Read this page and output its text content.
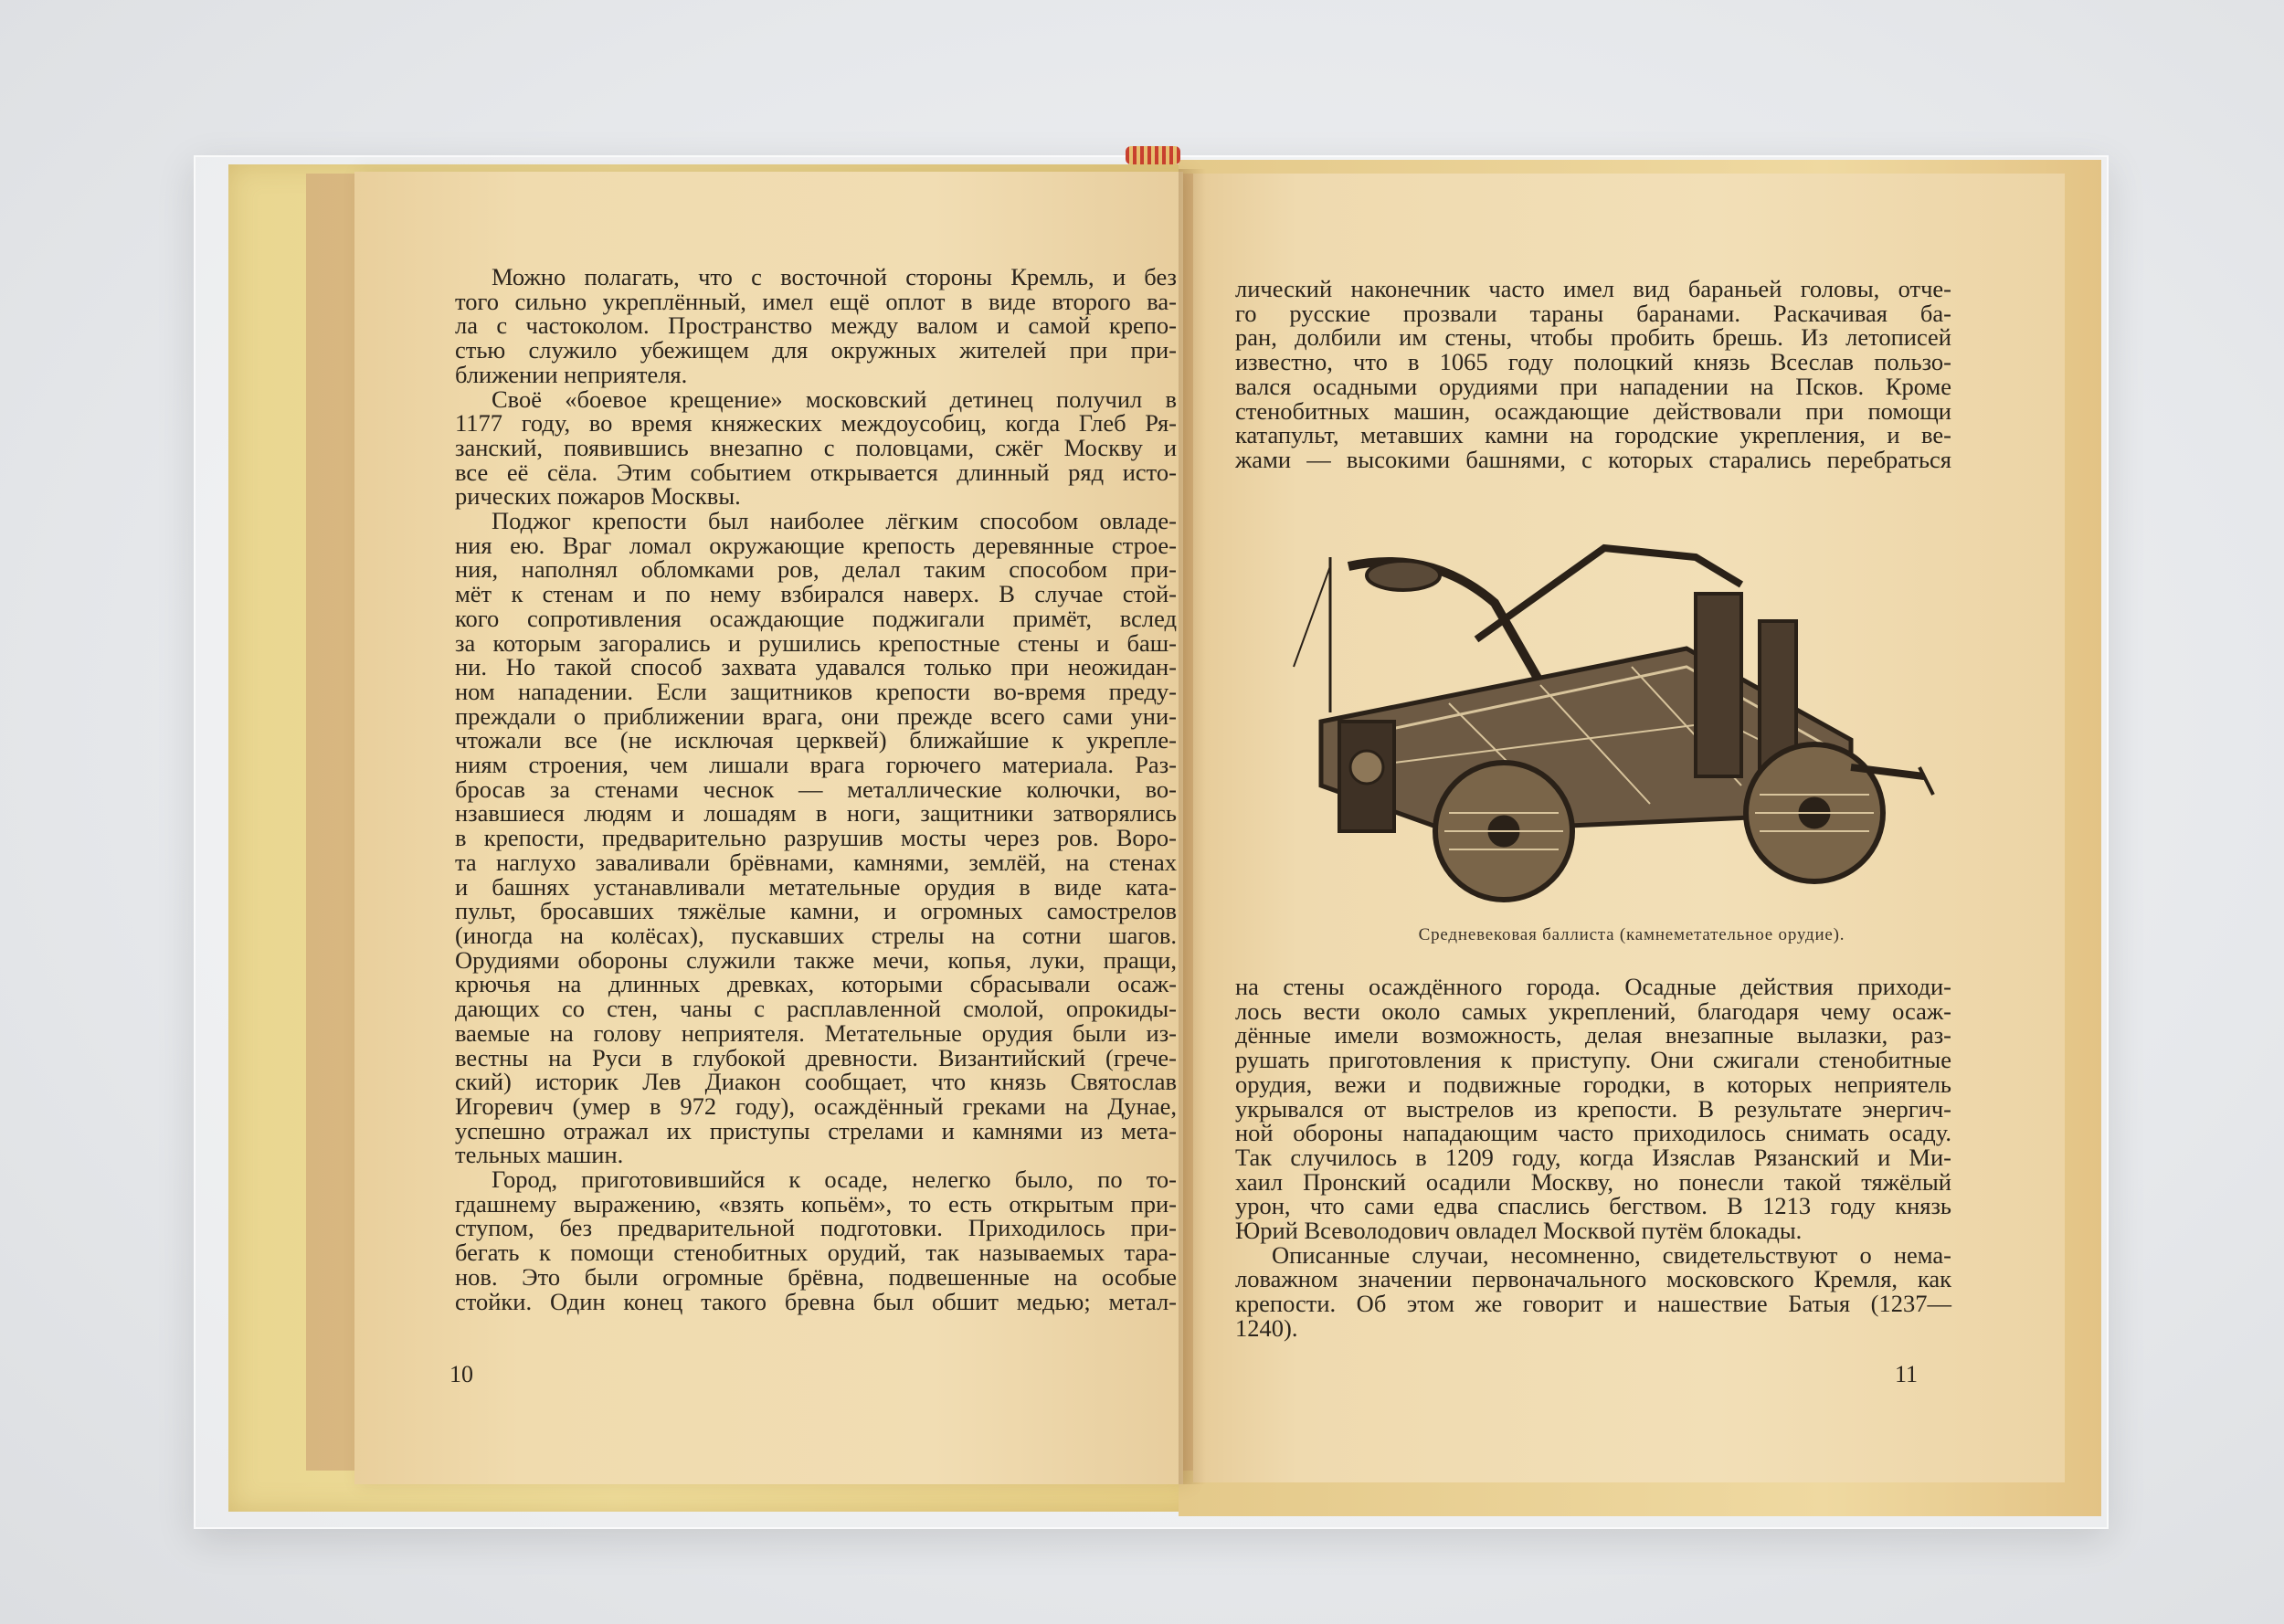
Можно полагать, что с восточной стороны Кремль, и без

того сильно укреплённый, имел ещё оплот в виде второго ва-

ла с частоколом. Пространство между валом и самой крепо-

стью служило убежищем для окружных жителей при при-

ближении неприятеля.

Своё «боевое крещение» московский детинец получил в

1177 году, во время княжеских междоусобиц, когда Глеб Ря-

занский, появившись внезапно с половцами, сжёг Москву и

все её сёла. Этим событием открывается длинный ряд исто-

рических пожаров Москвы.

Поджог крепости был наиболее лёгким способом овладе-

ния ею. Враг ломал окружающие крепость деревянные строе-

ния, наполнял обломками ров, делал таким способом при-

мёт к стенам и по нему взбирался наверх. В случае стой-

кого сопротивления осаждающие поджигали примёт, вслед

за которым загорались и рушились крепостные стены и баш-

ни. Но такой способ захвата удавался только при неожидан-

ном нападении. Если защитников крепости во-время преду-

преждали о приближении врага, они прежде всего сами уни-

чтожали все (не исключая церквей) ближайшие к укрепле-

ниям строения, чем лишали врага горючего материала. Раз-

бросав за стенами чеснок — металлические колючки, во-

нзавшиеся людям и лошадям в ноги, защитники затворялись

в крепости, предварительно разрушив мосты через ров. Воро-

та наглухо заваливали брёвнами, камнями, землёй, на стенах

и башнях устанавливали метательные орудия в виде ката-

пульт, бросавших тяжёлые камни, и огромных самострелов

(иногда на колёсах), пускавших стрелы на сотни шагов.

Орудиями обороны служили также мечи, копья, луки, пращи,

крючья на длинных древках, которыми сбрасывали осаж-

дающих со стен, чаны с расплавленной смолой, опрокиды-

ваемые на голову неприятеля. Метательные орудия были из-

вестны на Руси в глубокой древности. Византийский (грече-

ский) историк Лев Диакон сообщает, что князь Святослав

Игоревич (умер в 972 году), осаждённый греками на Дунае,

успешно отражал их приступы стрелами и камнями из мета-

тельных машин.

Город, приготовившийся к осаде, нелегко было, по то-

гдашнему выражению, «взять копьём», то есть открытым при-

ступом, без предварительной подготовки. Приходилось при-

бегать к помощи стенобитных орудий, так называемых тара-

нов. Это были огромные брёвна, подвешенные на особые

стойки. Один конец такого бревна был обшит медью; метал-

10

лический наконечник часто имел вид бараньей головы, отче-

го русские прозвали тараны баранами. Раскачивая ба-

ран, долбили им стены, чтобы пробить брешь. Из летописей

известно, что в 1065 году полоцкий князь Всеслав пользо-

вался осадными орудиями при нападении на Псков. Кроме

стенобитных машин, осаждающие действовали при помощи

катапульт, метавших камни на городские укрепления, и ве-

жами — высокими башнями, с которых старались перебраться

Средневековая баллиста (камнеметательное орудие).

на стены осаждённого города. Осадные действия приходи-

лось вести около самых укреплений, благодаря чему осаж-

дённые имели возможность, делая внезапные вылазки, раз-

рушать приготовления к приступу. Они сжигали стенобитные

орудия, вежи и подвижные городки, в которых неприятель

укрывался от выстрелов из крепости. В результате энергич-

ной обороны нападающим часто приходилось снимать осаду.

Так случилось в 1209 году, когда Изяслав Рязанский и Ми-

хаил Пронский осадили Москву, но понесли такой тяжёлый

урон, что сами едва спаслись бегством. В 1213 году князь

Юрий Всеволодович овладел Москвой путём блокады.

Описанные случаи, несомненно, свидетельствуют о нема-

ловажном значении первоначального московского Кремля, как

крепости. Об этом же говорит и нашествие Батыя (1237—

1240).

11
